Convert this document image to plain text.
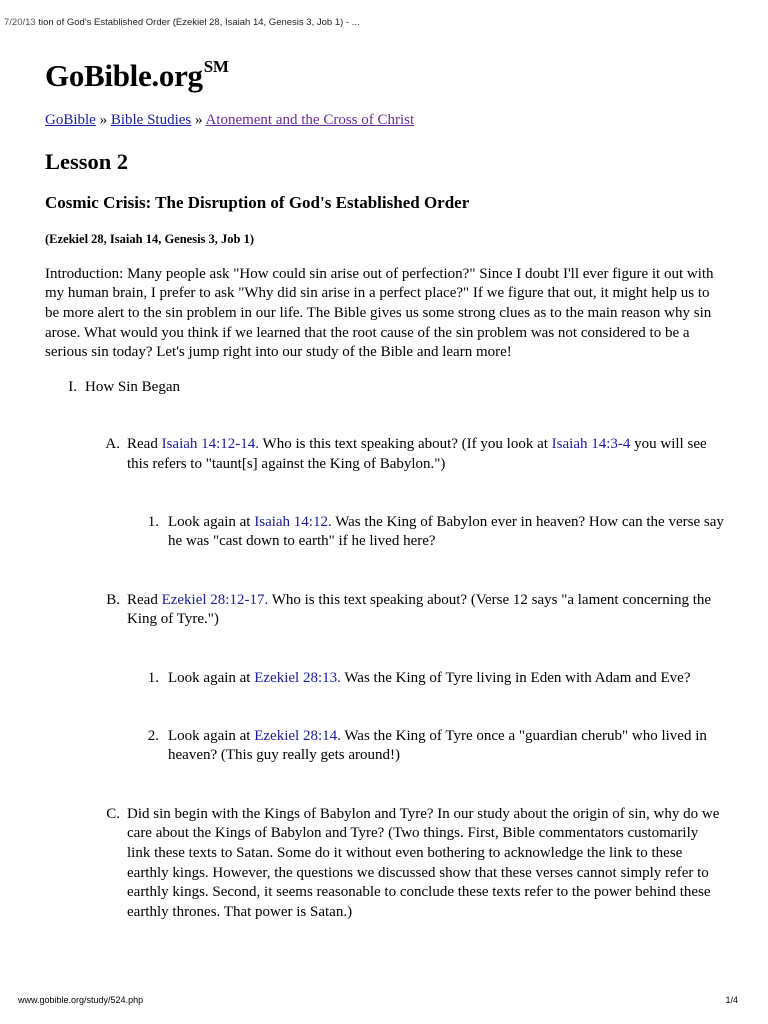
7/20/13 tion of God's Established Order (Ezekiel 28, Isaiah 14, Genesis 3, Job 1) - ...
GoBible.org℠
GoBible » Bible Studies » Atonement and the Cross of Christ
Lesson 2
Cosmic Crisis: The Disruption of God's Established Order
(Ezekiel 28, Isaiah 14, Genesis 3, Job 1)

Introduction: Many people ask "How could sin arise out of perfection?" Since I doubt I'll ever figure it out with my human brain, I prefer to ask "Why did sin arise in a perfect place?" If we figure that out, it might help us to be more alert to the sin problem in our life. The Bible gives us some strong clues as to the main reason why sin arose. What would you think if we learned that the root cause of the sin problem was not considered to be a serious sin today? Let's jump right into our study of the Bible and learn more!

I. How Sin Began
A. Read Isaiah 14:12-14. Who is this text speaking about? (If you look at Isaiah 14:3-4 you will see this refers to "taunt[s] against the King of Babylon.")
1. Look again at Isaiah 14:12. Was the King of Babylon ever in heaven? How can the verse say he was "cast down to earth" if he lived here?
B. Read Ezekiel 28:12-17. Who is this text speaking about? (Verse 12 says "a lament concerning the King of Tyre.")
1. Look again at Ezekiel 28:13. Was the King of Tyre living in Eden with Adam and Eve?
2. Look again at Ezekiel 28:14. Was the King of Tyre once a "guardian cherub" who lived in heaven? (This guy really gets around!)
C. Did sin begin with the Kings of Babylon and Tyre? In our study about the origin of sin, why do we care about the Kings of Babylon and Tyre? (Two things. First, Bible commentators customarily link these texts to Satan. Some do it without even bothering to acknowledge the link to these earthly kings. However, the questions we discussed show that these verses cannot simply refer to earthly kings. Second, it seems reasonable to conclude these texts refer to the power behind these earthly thrones. That power is Satan.)
www.gobible.org/study/524.php	1/4
